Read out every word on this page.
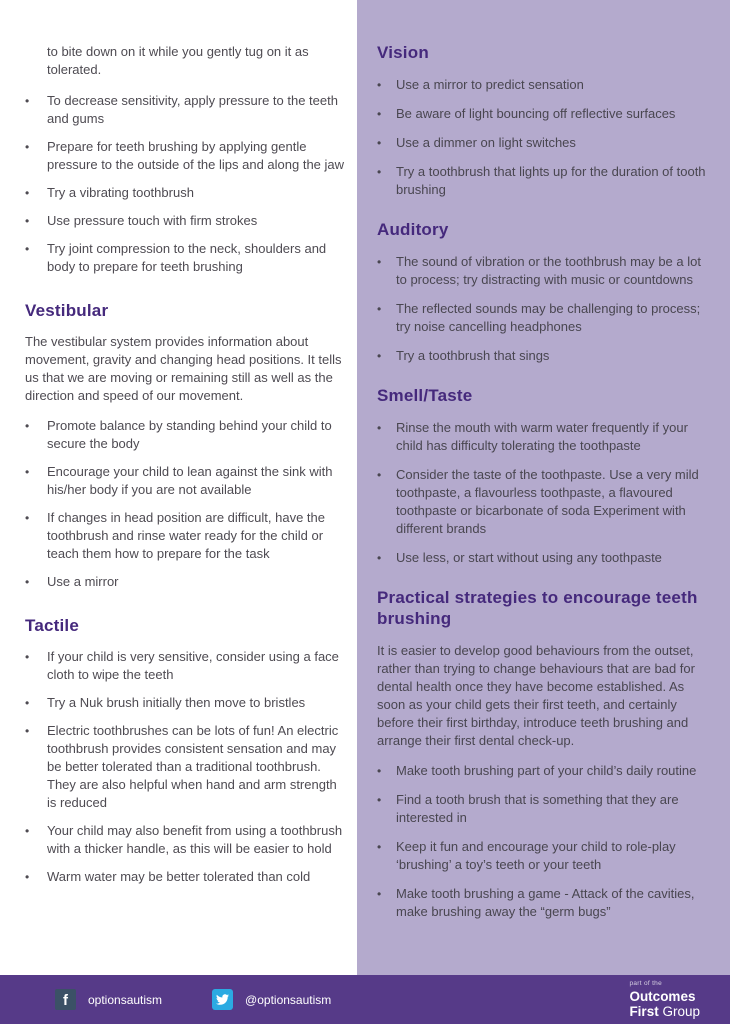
to bite down on it while you gently tug on it as tolerated.

•	To decrease sensitivity, apply pressure to the teeth and gums
•	Prepare for teeth brushing by applying gentle pressure to the outside of the lips and along the jaw
•	Try a vibrating toothbrush
•	Use pressure touch with firm strokes
•	Try joint compression to the neck, shoulders and body to prepare for teeth brushing
Vestibular

The vestibular system provides information about movement, gravity and changing head positions. It tells us that we are moving or remaining still as well as the direction and speed of our movement.

•	Promote balance by standing behind your child to secure the body
•	Encourage your child to lean against the sink with his/her body if you are not available
•	If changes in head position are difficult, have the toothbrush and rinse water ready for the child or teach them how to prepare for the task
•	Use a mirror
Tactile
•	If your child is very sensitive, consider using a face cloth to wipe the teeth
•	Try a Nuk brush initially then move to bristles
•	Electric toothbrushes can be lots of fun! An electric toothbrush provides consistent sensation and may be better tolerated than a traditional toothbrush. They are also helpful when hand and arm strength is reduced
•	Your child may also benefit from using a toothbrush with a thicker handle, as this will be easier to hold
•	Warm water may be better tolerated than cold
Vision
•	Use a mirror to predict sensation
•	Be aware of light bouncing off reflective surfaces
•	Use a dimmer on light switches
•	Try a toothbrush that lights up for the duration of tooth brushing
Auditory
•	The sound of vibration or the toothbrush may be a lot to process; try distracting with music or countdowns
•	The reflected sounds may be challenging to process; try noise cancelling headphones
•	Try a toothbrush that sings
Smell/Taste
•	Rinse the mouth with warm water frequently if your child has difficulty tolerating the toothpaste
•	Consider the taste of the toothpaste. Use a very mild toothpaste, a flavourless toothpaste, a flavoured toothpaste or bicarbonate of soda Experiment with different brands
•	Use less, or start without using any toothpaste
Practical strategies to encourage teeth brushing

It is easier to develop good behaviours from the outset, rather than trying to change behaviours that are bad for dental health once they have become established. As soon as your child gets their first teeth, and certainly before their first birthday, introduce teeth brushing and arrange their first dental check-up.

•	Make tooth brushing part of your child’s daily routine
•	Find a tooth brush that is something that they are interested in
•	Keep it fun and encourage your child to role-play ‘brushing’ a toy’s teeth or your teeth
•	Make tooth brushing a game - Attack of the cavities, make brushing away the “germ bugs”
f optionsautism	@optionsautism
part of the
Outcomes
First Group
